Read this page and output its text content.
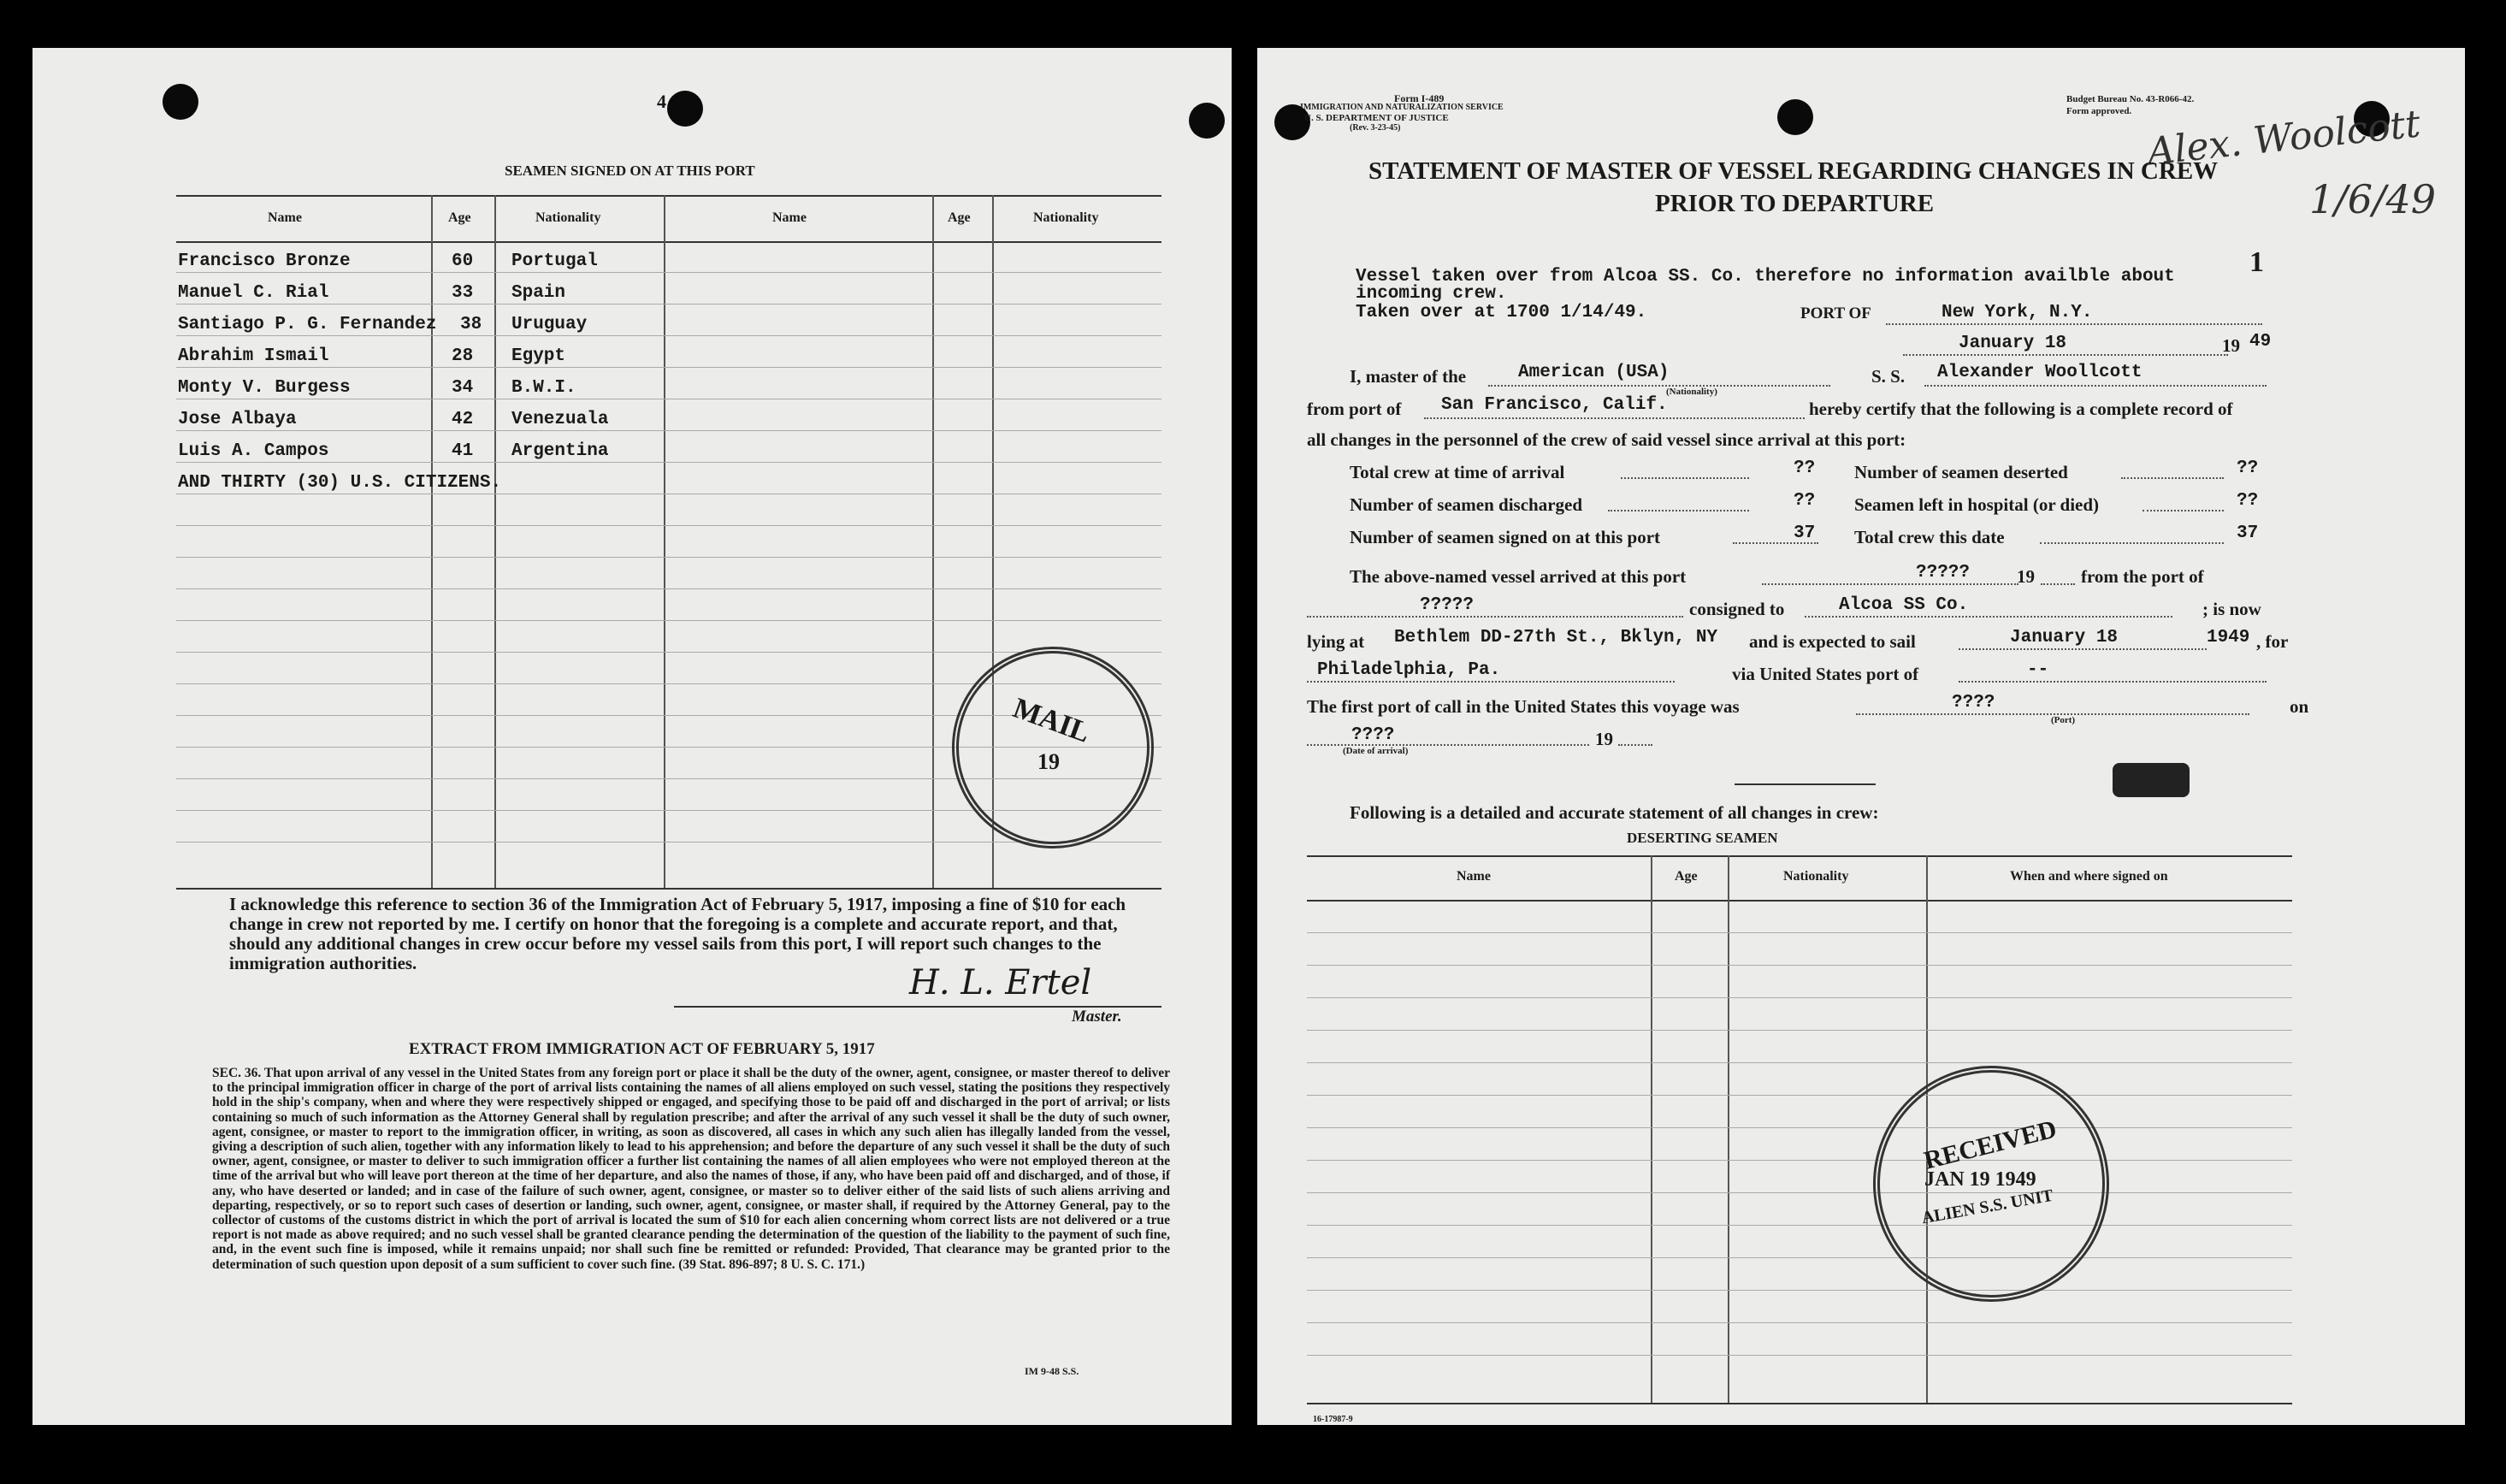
4
SEAMEN SIGNED ON AT THIS PORT
Name	Age	Nationality	Name	Age	Nationality
Francisco Bronze	60 Portugal
Manuel C. Rial	33 Spain
Santiago P. G. Fernandez 38 Uruguay
Abrahim Ismail	28 Egypt
Monty V. Burgess	34 B.W.I.
Jose Albaya	42 Venezuala
Luis A. Campos	41 Argentina
AND THIRTY (30) U.S. CITIZENS.
MAIL
19
I acknowledge this reference to section 36 of the Immigration Act of February 5, 1917, imposing a fine of $10 for each change in crew not reported by me. I certify on honor that the foregoing is a complete and accurate report, and that, should any additional changes in crew occur before my vessel sails from this port, I will report such changes to the immigration authorities.	H. L. Ertel
Master.
EXTRACT FROM IMMIGRATION ACT OF FEBRUARY 5, 1917
SEC. 36. That upon arrival of any vessel in the United States from any foreign port or place it shall be the duty of the owner, agent, consignee, or master thereof to deliver to the principal immigration officer in charge of the port of arrival lists containing the names of all aliens employed on such vessel, stating the positions they respectively hold in the ship's company, when and where they were respectively shipped or engaged, and specifying those to be paid off and discharged in the port of arrival; or lists containing so much of such information as the Attorney General shall by regulation prescribe; and after the arrival of any such vessel it shall be the duty of such owner, agent, consignee, or master to report to the immigration officer, in writing, as soon as discovered, all cases in which any such alien has illegally landed from the vessel, giving a description of such alien, together with any information likely to lead to his apprehension; and before the departure of any such vessel it shall be the duty of such owner, agent, consignee, or master to deliver to such immigration officer a further list containing the names of all alien employees who were not employed thereon at the time of the arrival but who will leave port thereon at the time of her departure, and also the names of those, if any, who have been paid off and discharged, and of those, if any, who have deserted or landed; and in case of the failure of such owner, agent, consignee, or master so to deliver either of the said lists of such aliens arriving and departing, respectively, or so to report such cases of desertion or landing, such owner, agent, consignee, or master shall, if required by the Attorney General, pay to the collector of customs of the customs district in which the port of arrival is located the sum of $10 for each alien concerning whom correct lists are not delivered or a true report is not made as above required; and no such vessel shall be granted clearance pending the determination of the question of the liability to the payment of such fine, and, in the event such fine is imposed, while it remains unpaid; nor shall such fine be remitted or refunded: Provided, That clearance may be granted prior to the determination of such question upon deposit of a sum sufficient to cover such fine. (39 Stat. 896-897; 8 U. S. C. 171.)
IM 9-48 S.S.
Form I-489
IMMIGRATION AND NATURALIZATION SERVICE
U. S. DEPARTMENT OF JUSTICE
(Rev. 3-23-45)
Budget Bureau No. 43-R066-42.
Form approved. Alex. Woolcott
1/6/49
STATEMENT OF MASTER OF VESSEL REGARDING CHANGES IN CREW
PRIOR TO DEPARTURE
1
Vessel taken over from Alcoa SS. Co. therefore no information availble about incoming crew.
Taken over at 1700 1/14/49.	PORT OF	New York, N.Y.
January 18	19 49
I, master of the	American (USA)
(Nationality)
S. S. Alexander Woollcott
from port of San Francisco, Calif.	hereby certify that the following is a complete record of
all changes in the personnel of the crew of said vessel since arrival at this port:
Total crew at time of arrival	?? Number of seamen deserted	??
Number of seamen discharged	?? Seamen left in hospital (or died)	??
Number of seamen signed on at this port	37 Total crew this date	37
The above-named vessel arrived at this port	?????	19	from the port of
?????	consigned to	Alcoa SS Co.	; is now
lying at Bethlem DD-27th St., Bklyn, NY and is expected to sail	January 18	1949 , for
Philadelphia, Pa.	via United States port of	--
The first port of call in the United States this voyage was	????
(Port)
on
????
(Date of arrival)
19
Following is a detailed and accurate statement of all changes in crew:
DESERTING SEAMEN
Name	Age	Nationality	When and where signed on
RECEIVED
JAN 19 1949
ALIEN S.S. UNIT
16-17987-9
